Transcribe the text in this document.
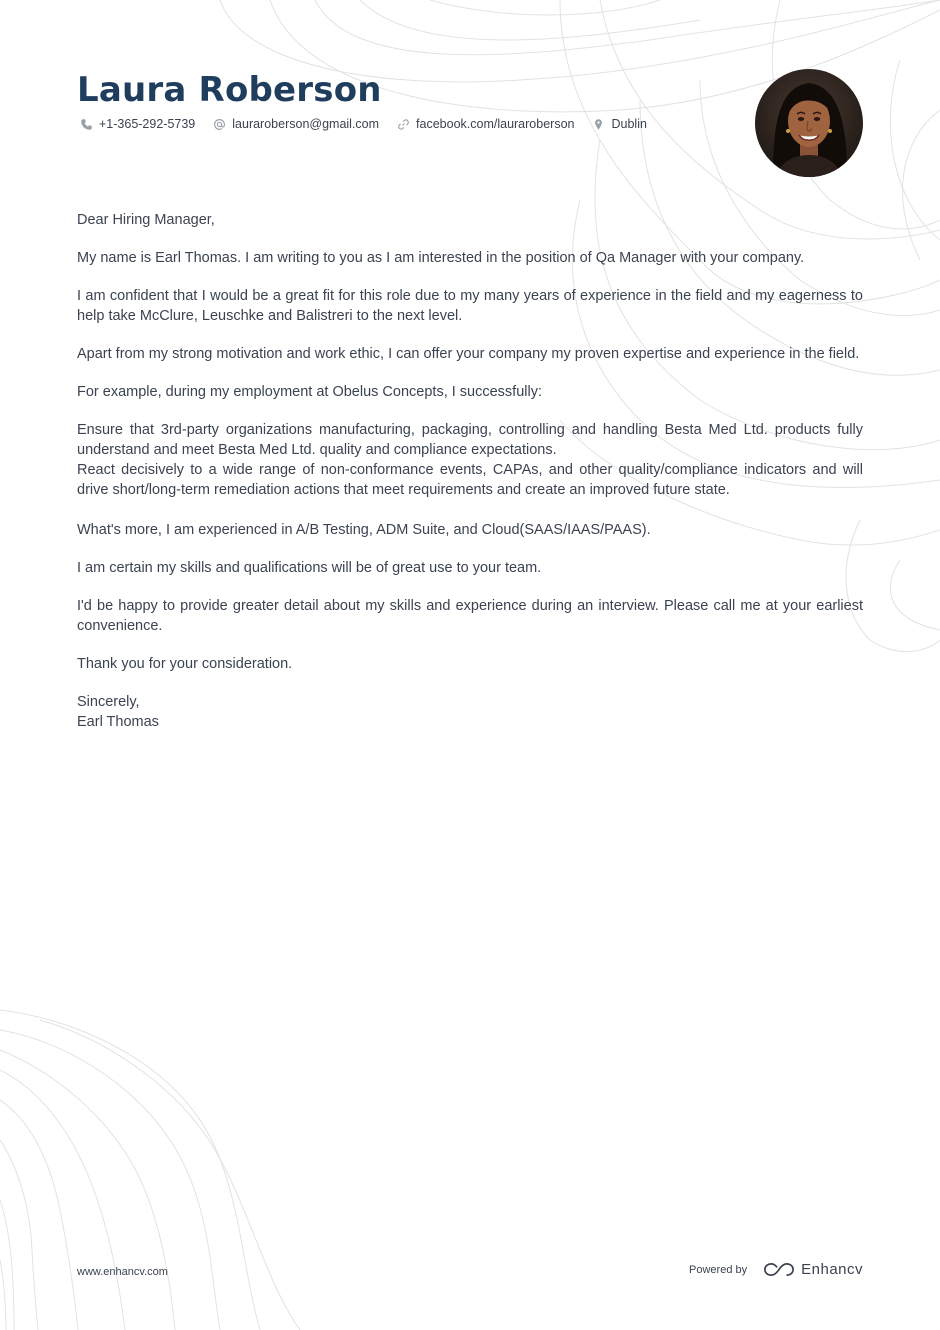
Laura Roberson
+1-365-292-5739	lauraroberson@gmail.com	facebook.com/lauraroberson	Dublin

Dear Hiring Manager,

My name is Earl Thomas. I am writing to you as I am interested in the position of Qa Manager with your company.

I am confident that I would be a great fit for this role due to my many years of experience in the field and my eagerness to help take McClure, Leuschke and Balistreri to the next level.

Apart from my strong motivation and work ethic, I can offer your company my proven expertise and experience in the field.

For example, during my employment at Obelus Concepts, I successfully:

Ensure that 3rd-party organizations manufacturing, packaging, controlling and handling Besta Med Ltd. products fully understand and meet Besta Med Ltd. quality and compliance expectations.

React decisively to a wide range of non-conformance events, CAPAs, and other quality/compliance indicators and will drive short/long-term remediation actions that meet requirements and create an improved future state.

What's more, I am experienced in A/B Testing, ADM Suite, and Cloud(SAAS/IAAS/PAAS).

I am certain my skills and qualifications will be of great use to your team.

I'd be happy to provide greater detail about my skills and experience during an interview. Please call me at your earliest convenience.

Thank you for your consideration.

Sincerely,

Earl Thomas

www.enhancv.com	Powered by	Enhancv
